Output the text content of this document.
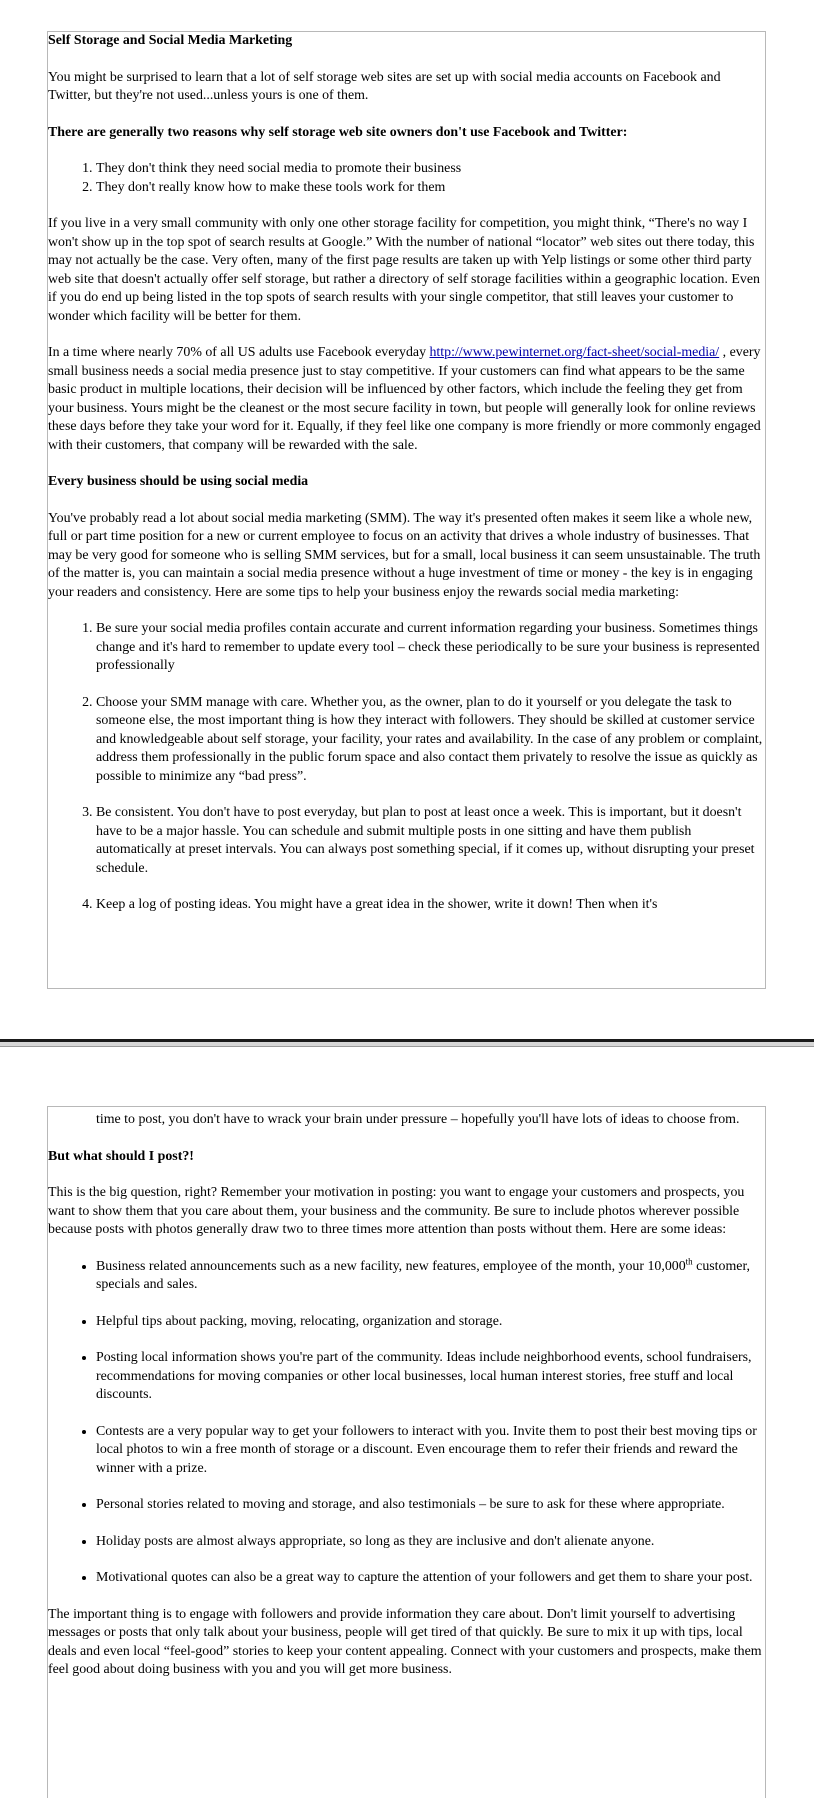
Self Storage and Social Media Marketing

You might be surprised to learn that a lot of self storage web sites are set up with social media accounts on Facebook and Twitter, but they're not used...unless yours is one of them.

There are generally two reasons why self storage web site owners don't use Facebook and Twitter:

1. They don't think they need social media to promote their business
2. They don't really know how to make these tools work for them

If you live in a very small community with only one other storage facility for competition, you might think, “There's no way I won't show up in the top spot of search results at Google.” With the number of national “locator” web sites out there today, this may not actually be the case. Very often, many of the first page results are taken up with Yelp listings or some other third party web site that doesn't actually offer self storage, but rather a directory of self storage facilities within a geographic location. Even if you do end up being listed in the top spots of search results with your single competitor, that still leaves your customer to wonder which facility will be better for them.

In a time where nearly 70% of all US adults use Facebook everyday http://www.pewinternet.org/fact-sheet/social-media/ , every small business needs a social media presence just to stay competitive. If your customers can find what appears to be the same basic product in multiple locations, their decision will be influenced by other factors, which include the feeling they get from your business. Yours might be the cleanest or the most secure facility in town, but people will generally look for online reviews these days before they take your word for it. Equally, if they feel like one company is more friendly or more commonly engaged with their customers, that company will be rewarded with the sale.

Every business should be using social media

You've probably read a lot about social media marketing (SMM). The way it's presented often makes it seem like a whole new, full or part time position for a new or current employee to focus on an activity that drives a whole industry of businesses. That may be very good for someone who is selling SMM services, but for a small, local business it can seem unsustainable. The truth of the matter is, you can maintain a social media presence without a huge investment of time or money - the key is in engaging your readers and consistency. Here are some tips to help your business enjoy the rewards social media marketing:

1. Be sure your social media profiles contain accurate and current information regarding your business. Sometimes things change and it's hard to remember to update every tool – check these periodically to be sure your business is represented professionally
2. Choose your SMM manage with care. Whether you, as the owner, plan to do it yourself or you delegate the task to someone else, the most important thing is how they interact with followers. They should be skilled at customer service and knowledgeable about self storage, your facility, your rates and availability. In the case of any problem or complaint, address them professionally in the public forum space and also contact them privately to resolve the issue as quickly as possible to minimize any “bad press”.
3. Be consistent. You don't have to post everyday, but plan to post at least once a week. This is important, but it doesn't have to be a major hassle. You can schedule and submit multiple posts in one sitting and have them publish automatically at preset intervals. You can always post something special, if it comes up, without disrupting your preset schedule.
4. Keep a log of posting ideas. You might have a great idea in the shower, write it down! Then when it's

time to post, you don't have to wrack your brain under pressure – hopefully you'll have lots of ideas to choose from.

But what should I post?!

This is the big question, right? Remember your motivation in posting: you want to engage your customers and prospects, you want to show them that you care about them, your business and the community. Be sure to include photos wherever possible because posts with photos generally draw two to three times more attention than posts without them. Here are some ideas:

• Business related announcements such as a new facility, new features, employee of the month, your 10,000th customer, specials and sales.
• Helpful tips about packing, moving, relocating, organization and storage.
• Posting local information shows you're part of the community. Ideas include neighborhood events, school fundraisers, recommendations for moving companies or other local businesses, local human interest stories, free stuff and local discounts.
• Contests are a very popular way to get your followers to interact with you. Invite them to post their best moving tips or local photos to win a free month of storage or a discount. Even encourage them to refer their friends and reward the winner with a prize.
• Personal stories related to moving and storage, and also testimonials – be sure to ask for these where appropriate.
• Holiday posts are almost always appropriate, so long as they are inclusive and don't alienate anyone.
• Motivational quotes can also be a great way to capture the attention of your followers and get them to share your post.

The important thing is to engage with followers and provide information they care about. Don't limit yourself to advertising messages or posts that only talk about your business, people will get tired of that quickly. Be sure to mix it up with tips, local deals and even local “feel-good” stories to keep your content appealing. Connect with your customers and prospects, make them feel good about doing business with you and you will get more business.
